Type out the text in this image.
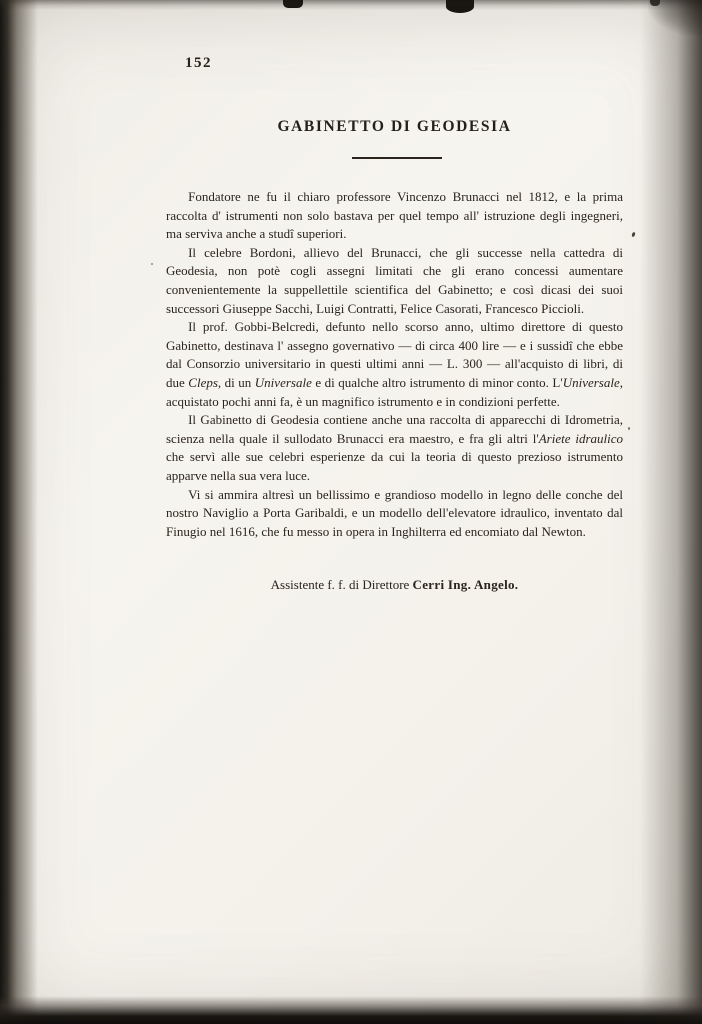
152
GABINETTO DI GEODESIA

Fondatore ne fu il chiaro professore Vincenzo Brunacci nel 1812, e la prima raccolta d' istrumenti non solo bastava per quel tempo all' istruzione degli ingegneri, ma serviva anche a studî superiori.

Il celebre Bordoni, allievo del Brunacci, che gli successe nella cattedra di Geodesia, non potè cogli assegni limitati che gli erano concessi aumentare convenientemente la suppellettile scientifica del Gabinetto; e così dicasi dei suoi successori Giuseppe Sacchi, Luigi Contratti, Felice Casorati, Francesco Piccioli.

Il prof. Gobbi-Belcredi, defunto nello scorso anno, ultimo direttore di questo Gabinetto, destinava l' assegno governativo — di circa 400 lire — e i sussidî che ebbe dal Consorzio universitario in questi ultimi anni — L. 300 — all'acquisto di libri, di due Cleps, di un Universale e di qualche altro istrumento di minor conto. L'Universale, acquistato pochi anni fa, è un magnifico istrumento e in condizioni perfette.

Il Gabinetto di Geodesia contiene anche una raccolta di apparecchi di Idrometria, scienza nella quale il sullodato Brunacci era maestro, e fra gli altri l'Ariete idraulico che servì alle sue celebri esperienze da cui la teoria di questo prezioso istrumento apparve nella sua vera luce.

Vi si ammira altresì un bellissimo e grandioso modello in legno delle conche del nostro Naviglio a Porta Garibaldi, e un modello dell'elevatore idraulico, inventato dal Finugio nel 1616, che fu messo in opera in Inghilterra ed encomiato dal Newton.

Assistente f. f. di Direttore Cerri Ing. Angelo.
